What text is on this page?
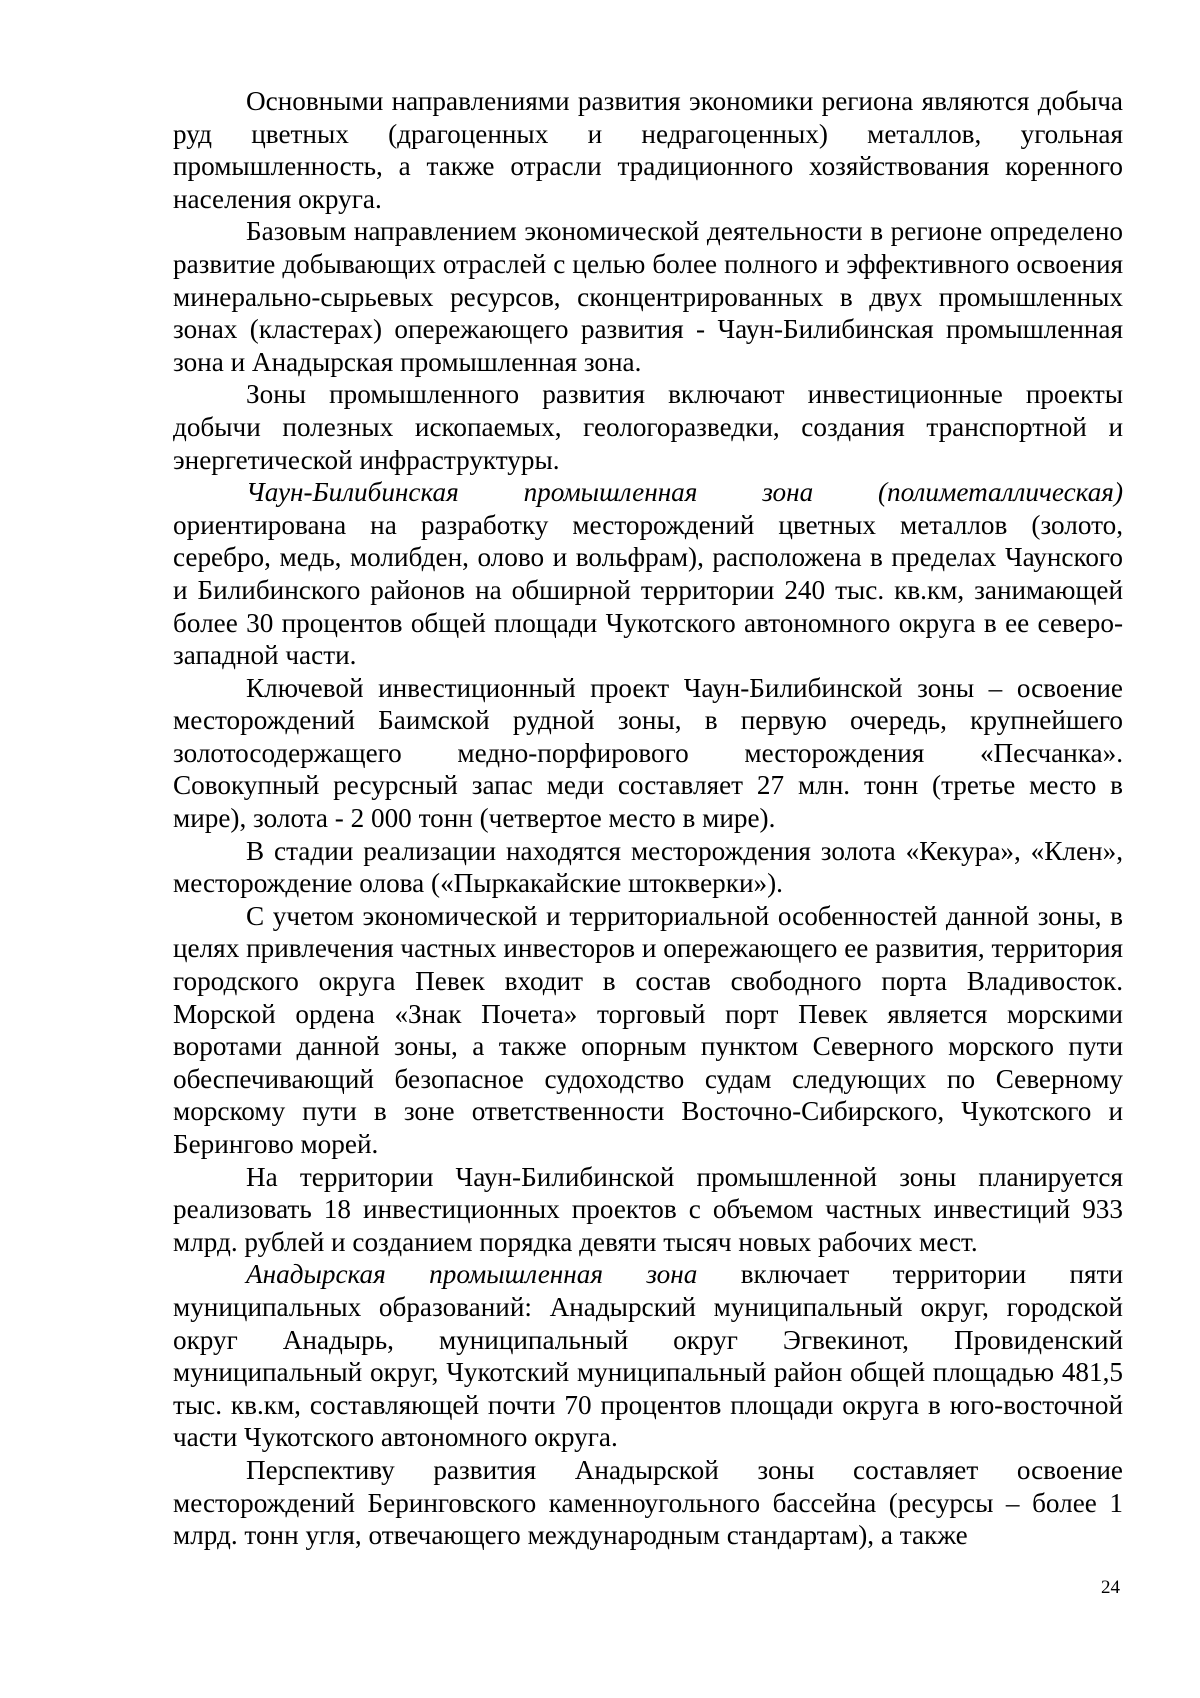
Основными направлениями развития экономики региона являются добыча руд цветных (драгоценных и недрагоценных) металлов, угольная промышленность, а также отрасли традиционного хозяйствования коренного населения округа.

Базовым направлением экономической деятельности в регионе определено развитие добывающих отраслей с целью более полного и эффективного освоения минерально-сырьевых ресурсов, сконцентрированных в двух промышленных зонах (кластерах) опережающего развития - Чаун-Билибинская промышленная зона и Анадырская промышленная зона.

Зоны промышленного развития включают инвестиционные проекты добычи полезных ископаемых, геологоразведки, создания транспортной и энергетической инфраструктуры.

Чаун-Билибинская промышленная зона (полиметаллическая) ориентирована на разработку месторождений цветных металлов (золото, серебро, медь, молибден, олово и вольфрам), расположена в пределах Чаунского и Билибинского районов на обширной территории 240 тыс. кв.км, занимающей более 30 процентов общей площади Чукотского автономного округа в ее северо-западной части.

Ключевой инвестиционный проект Чаун-Билибинской зоны – освоение месторождений Баимской рудной зоны, в первую очередь, крупнейшего золотосодержащего медно-порфирового месторождения «Песчанка». Совокупный ресурсный запас меди составляет 27 млн. тонн (третье место в мире), золота - 2 000 тонн (четвертое место в мире).

В стадии реализации находятся месторождения золота «Кекура», «Клен», месторождение олова («Пыркакайские штокверки»).

С учетом экономической и территориальной особенностей данной зоны, в целях привлечения частных инвесторов и опережающего ее развития, территория городского округа Певек входит в состав свободного порта Владивосток. Морской ордена «Знак Почета» торговый порт Певек является морскими воротами данной зоны, а также опорным пунктом Северного морского пути обеспечивающий безопасное судоходство судам следующих по Северному морскому пути в зоне ответственности Восточно-Сибирского, Чукотского и Берингово морей.

На территории Чаун-Билибинской промышленной зоны планируется реализовать 18 инвестиционных проектов с объемом частных инвестиций 933 млрд. рублей и созданием порядка девяти тысяч новых рабочих мест.

Анадырская промышленная зона включает территории пяти муниципальных образований: Анадырский муниципальный округ, городской округ Анадырь, муниципальный округ Эгвекинот, Провиденский муниципальный округ, Чукотский муниципальный район общей площадью 481,5 тыс. кв.км, составляющей почти 70 процентов площади округа в юго-восточной части Чукотского автономного округа.

Перспективу развития Анадырской зоны составляет освоение месторождений Беринговского каменноугольного бассейна (ресурсы – более 1 млрд. тонн угля, отвечающего международным стандартам), а также

24
